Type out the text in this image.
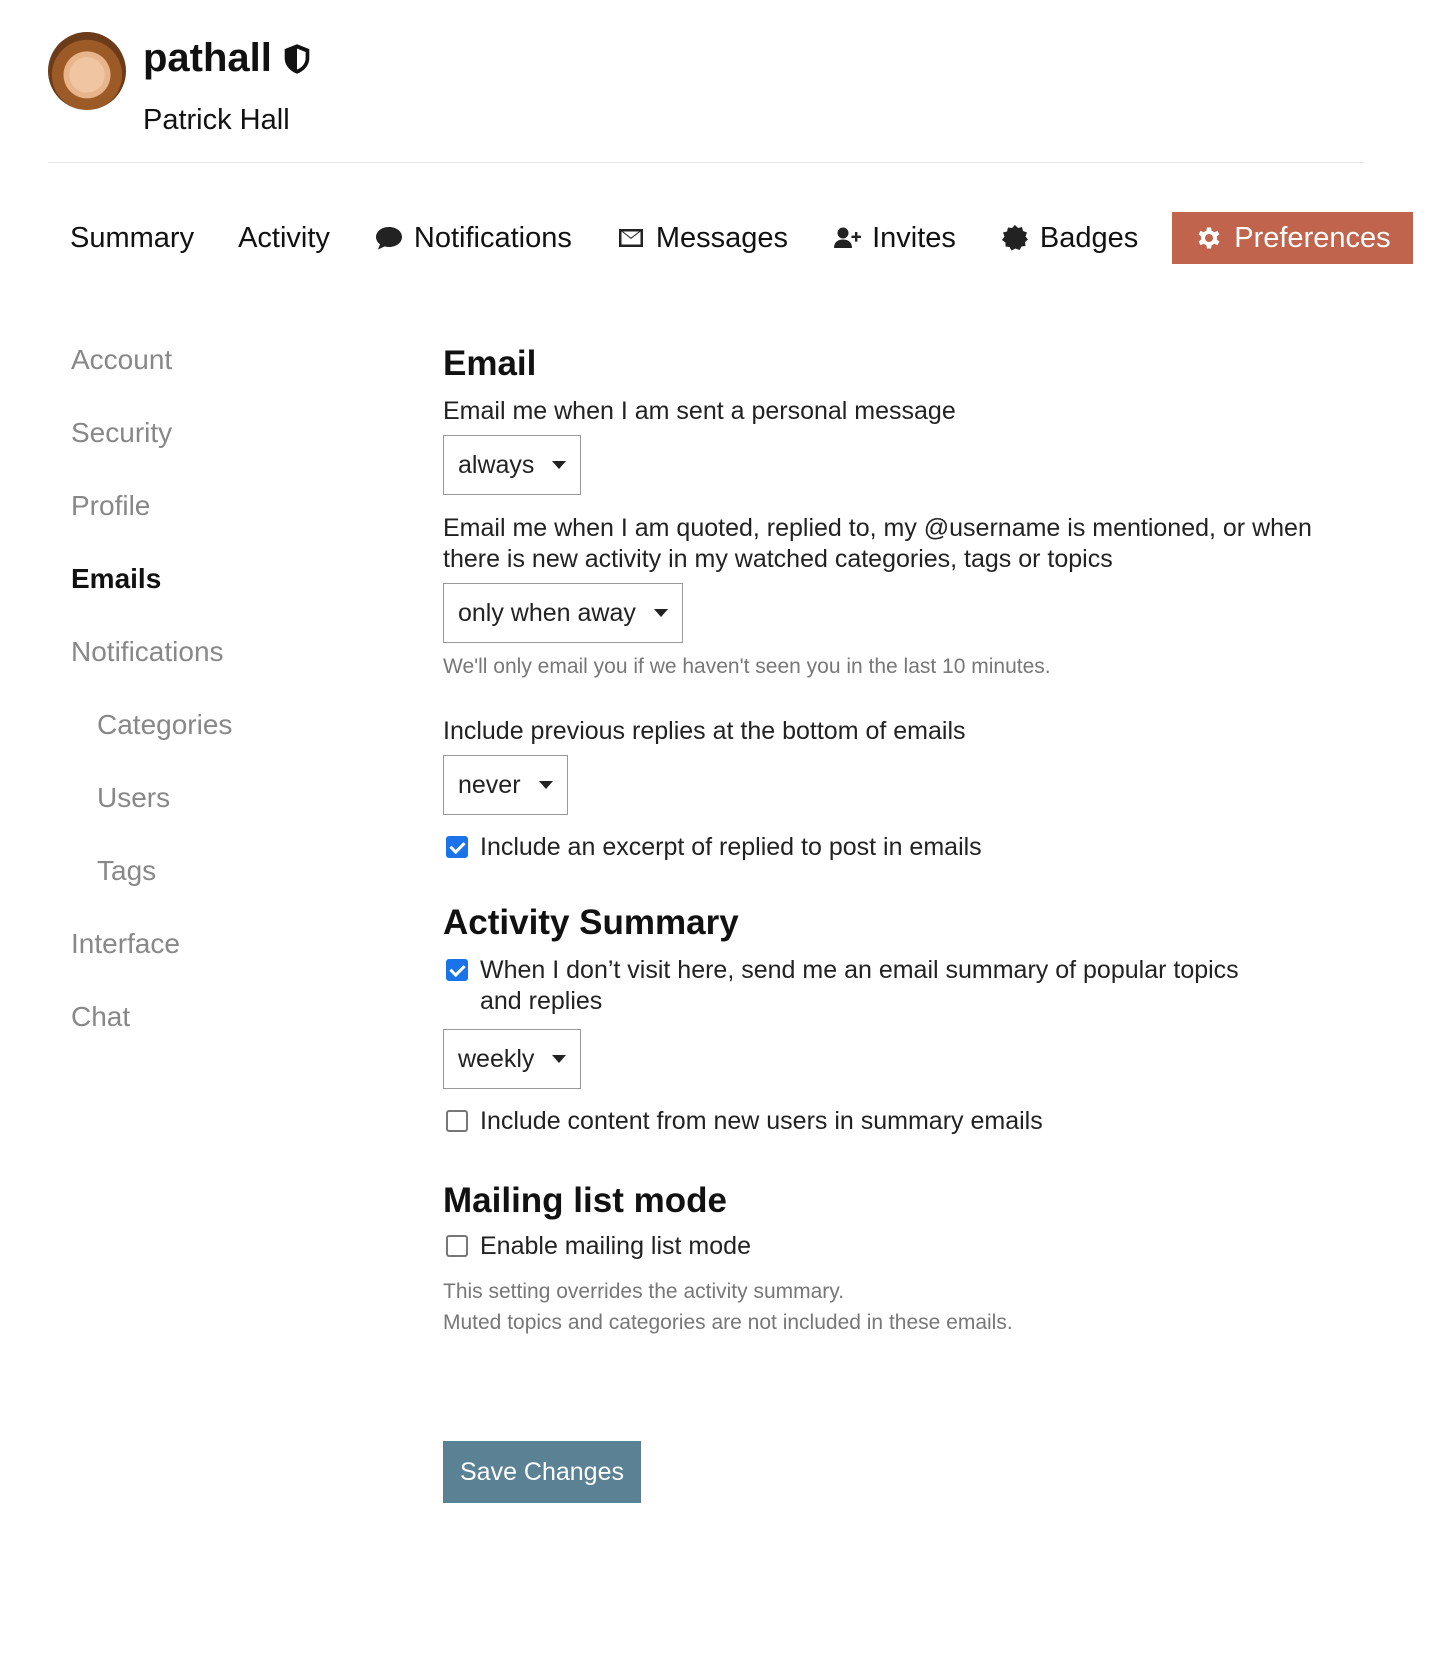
pathall
Patrick Hall
Summary Activity	Notifications	Messages	Invites	Badges	Preferences
Account
Security
Profile
Emails
Notifications
Categories
Users
Tags
Interface
Chat
Email
Email me when I am sent a personal message
always
Email me when I am quoted, replied to, my @username is mentioned, or when there is new activity in my watched categories, tags or topics
only when away
We'll only email you if we haven't seen you in the last 10 minutes.
Include previous replies at the bottom of emails
never
Include an excerpt of replied to post in emails
Activity Summary
When I don’t visit here, send me an email summary of popular topics and replies
weekly
Include content from new users in summary emails
Mailing list mode
Enable mailing list mode
This setting overrides the activity summary.
Muted topics and categories are not included in these emails.
Save Changes
